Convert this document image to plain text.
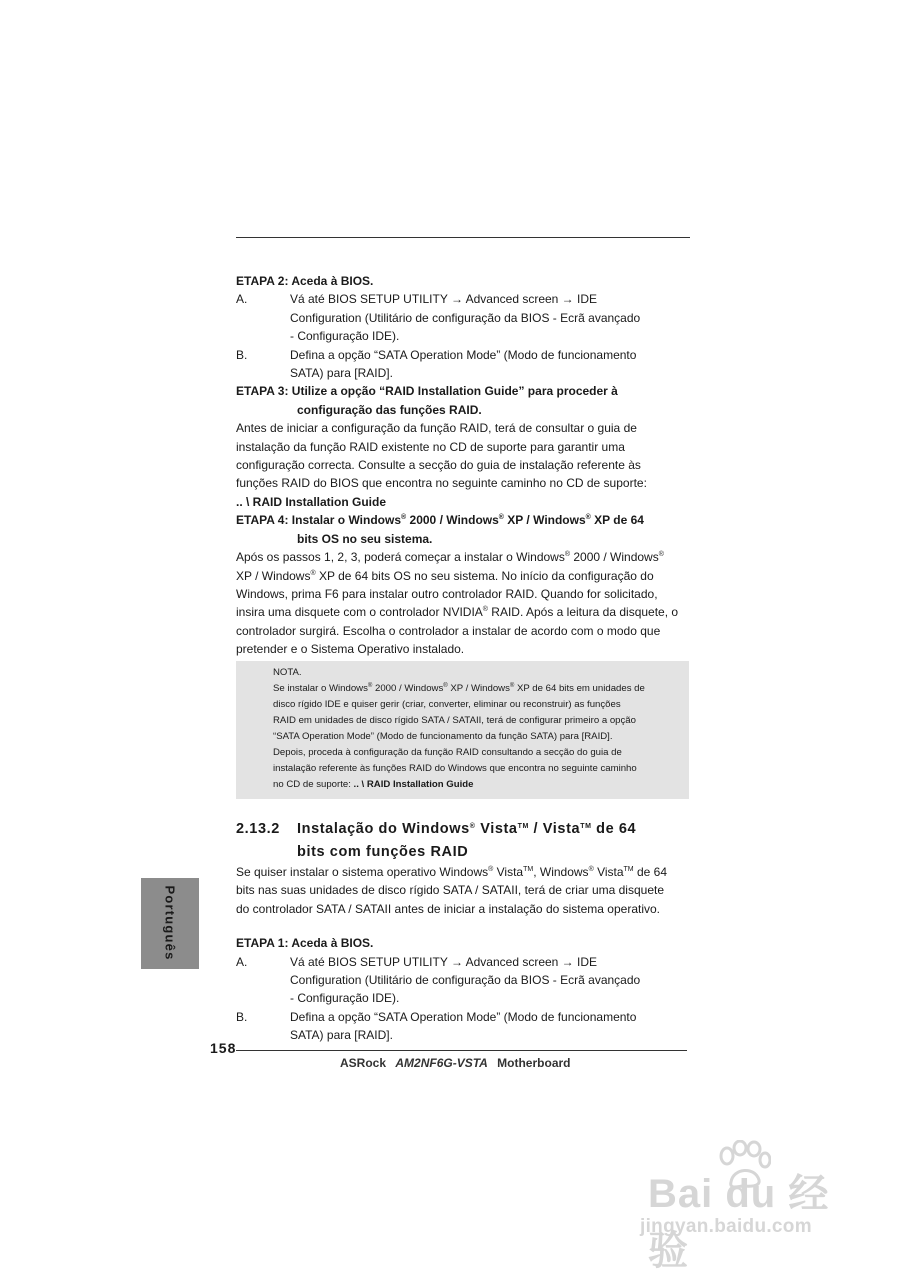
ETAPA 2: Aceda à BIOS.
A.	Vá até BIOS SETUP UTILITY → Advanced screen → IDE
Configuration (Utilitário de configuração da BIOS - Ecrã avançado
- Configuração IDE).
B.	Defina a opção “SATA Operation Mode” (Modo de funcionamento
SATA) para [RAID].
ETAPA 3: Utilize a opção “RAID Installation Guide” para proceder à
configuração das funções RAID.
Antes de iniciar a configuração da função RAID, terá de consultar o guia de
instalação da função RAID existente no CD de suporte para garantir uma
configuração correcta. Consulte a secção do guia de instalação referente às
funções RAID do BIOS que encontra no seguinte caminho no CD de suporte:
.. \ RAID Installation Guide
ETAPA 4: Instalar o Windows® 2000 / Windows® XP / Windows® XP de 64
bits OS no seu sistema.
Após os passos 1, 2, 3, poderá começar a instalar o Windows® 2000 / Windows®
XP / Windows® XP de 64 bits OS no seu sistema. No início da configuração do
Windows, prima F6 para instalar outro controlador RAID. Quando for solicitado,
insira uma disquete com o controlador NVIDIA® RAID. Após a leitura da disquete, o
controlador surgirá. Escolha o controlador a instalar de acordo com o modo que
pretender e o Sistema Operativo instalado.
NOTA.
Se instalar o Windows® 2000 / Windows® XP / Windows® XP de 64 bits em unidades de
disco rígido IDE e quiser gerir (criar, converter, eliminar ou reconstruir) as funções
RAID em unidades de disco rígido SATA / SATAII, terá de configurar primeiro a opção
“SATA Operation Mode” (Modo de funcionamento da função SATA) para [RAID].
Depois, proceda à configuração da função RAID consultando a secção do guia de
instalação referente às funções RAID do Windows que encontra no seguinte caminho
no CD de suporte: .. \ RAID Installation Guide
2.13.2 Instalação do Windows® Vista™ / Vista™ de 64
bits com funções RAID
Se quiser instalar o sistema operativo Windows® Vista™, Windows® Vista™ de 64
bits nas suas unidades de disco rígido SATA / SATAII, terá de criar uma disquete
do controlador SATA / SATAII antes de iniciar a instalação do sistema operativo.
ETAPA 1: Aceda à BIOS.
A.	Vá até BIOS SETUP UTILITY → Advanced screen → IDE
Configuration (Utilitário de configuração da BIOS - Ecrã avançado
- Configuração IDE).
B.	Defina a opção “SATA Operation Mode” (Modo de funcionamento
SATA) para [RAID].
Português
158
ASRock AM2NF6G-VSTA Motherboard
Bai du 经验
jingyan.baidu.com
